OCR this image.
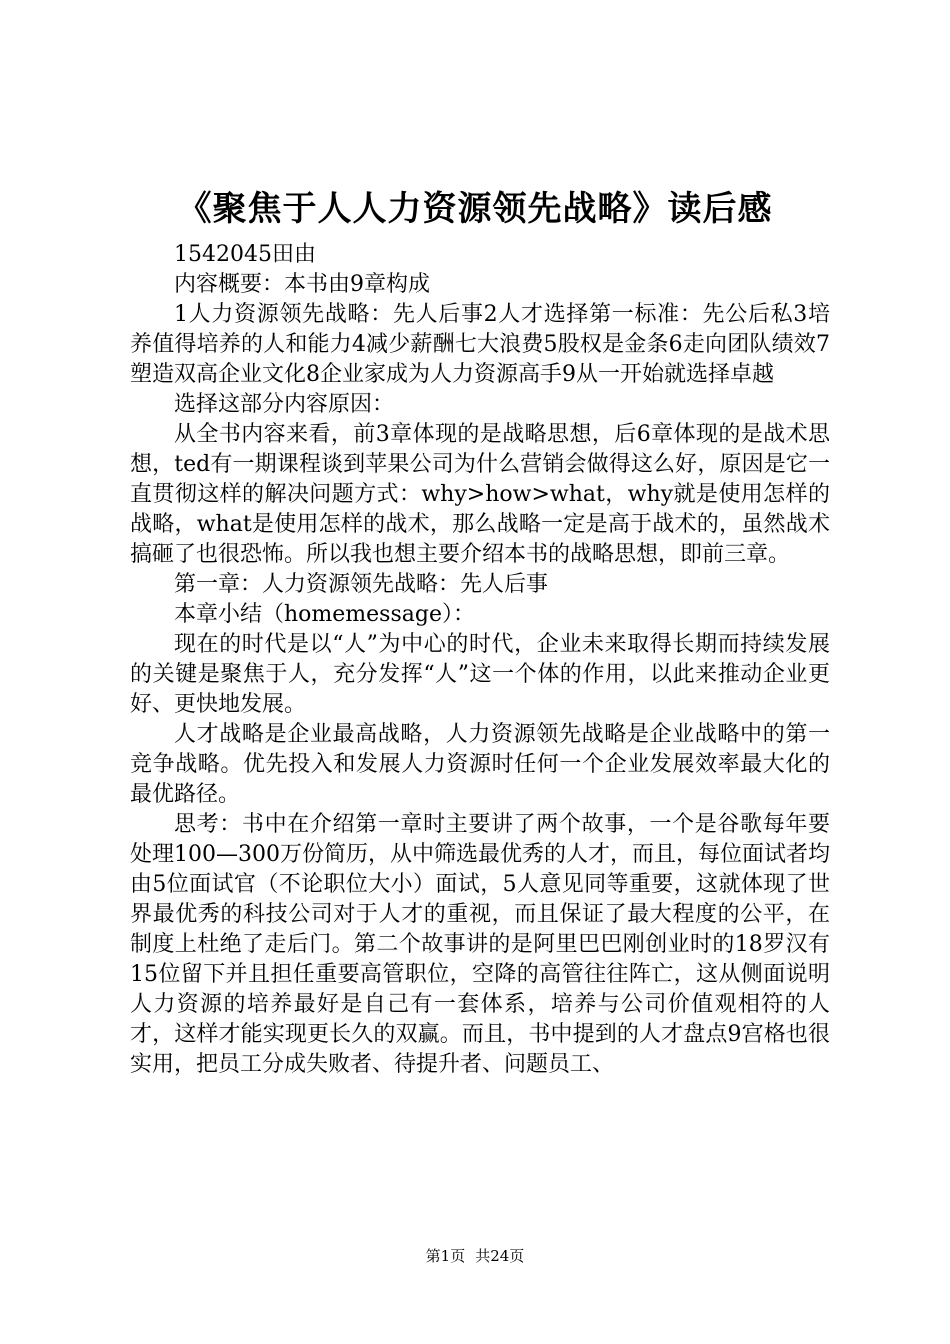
《聚焦于人人力资源领先战略》读后感

1542045田由

内容概要：本书由9章构成

1人力资源领先战略：先人后事2人才选择第一标准：先公后私3培养值得培养的人和能力4减少薪酬七大浪费5股权是金条6走向团队绩效7塑造双高企业文化8企业家成为人力资源高手9从一开始就选择卓越

选择这部分内容原因：

从全书内容来看，前3章体现的是战略思想，后6章体现的是战术思想，ted有一期课程谈到苹果公司为什么营销会做得这么好，原因是它一直贯彻这样的解决问题方式：why>how>what，why就是使用怎样的战略，what是使用怎样的战术，那么战略一定是高于战术的，虽然战术搞砸了也很恐怖。所以我也想主要介绍本书的战略思想，即前三章。

第一章：人力资源领先战略：先人后事

本章小结（homemessage）：

现在的时代是以“人”为中心的时代，企业未来取得长期而持续发展的关键是聚焦于人，充分发挥“人”这一个体的作用，以此来推动企业更好、更快地发展。

人才战略是企业最高战略，人力资源领先战略是企业战略中的第一竞争战略。优先投入和发展人力资源时任何一个企业发展效率最大化的最优路径。

思考：书中在介绍第一章时主要讲了两个故事，一个是谷歌每年要处理100—300万份简历，从中筛选最优秀的人才，而且，每位面试者均由5位面试官（不论职位大小）面试，5人意见同等重要，这就体现了世界最优秀的科技公司对于人才的重视，而且保证了最大程度的公平，在制度上杜绝了走后门。第二个故事讲的是阿里巴巴刚创业时的18罗汉有15位留下并且担任重要高管职位，空降的高管往往阵亡，这从侧面说明人力资源的培养最好是自己有一套体系，培养与公司价值观相符的人才，这样才能实现更长久的双赢。而且，书中提到的人才盘点9宫格也很实用，把员工分成失败者、待提升者、问题员工、

第1页 共24页
